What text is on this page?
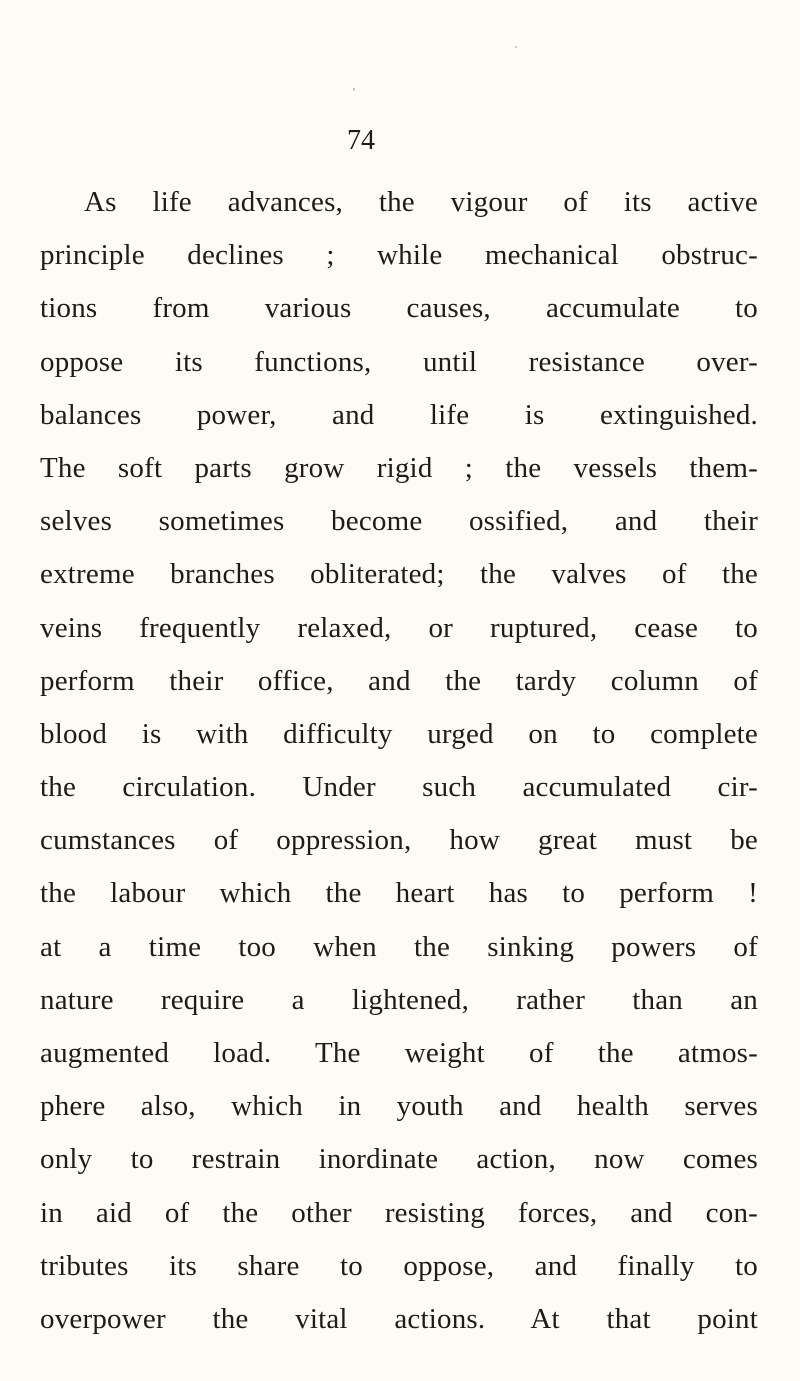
74
As life advances, the vigour of its active
principle declines ; while mechanical obstruc-
tions from various causes, accumulate to
oppose its functions, until resistance over-
balances power, and life is extinguished.
The soft parts grow rigid ; the vessels them-
selves sometimes become ossified, and their
extreme branches obliterated; the valves of the
veins frequently relaxed, or ruptured, cease to
perform their office, and the tardy column of
blood is with difficulty urged on to complete
the circulation. Under such accumulated cir-
cumstances of oppression, how great must be
the labour which the heart has to perform !
at a time too when the sinking powers of
nature require a lightened, rather than an
augmented load. The weight of the atmos-
phere also, which in youth and health serves
only to restrain inordinate action, now comes
in aid of the other resisting forces, and con-
tributes its share to oppose, and finally to
overpower the vital actions. At that point
